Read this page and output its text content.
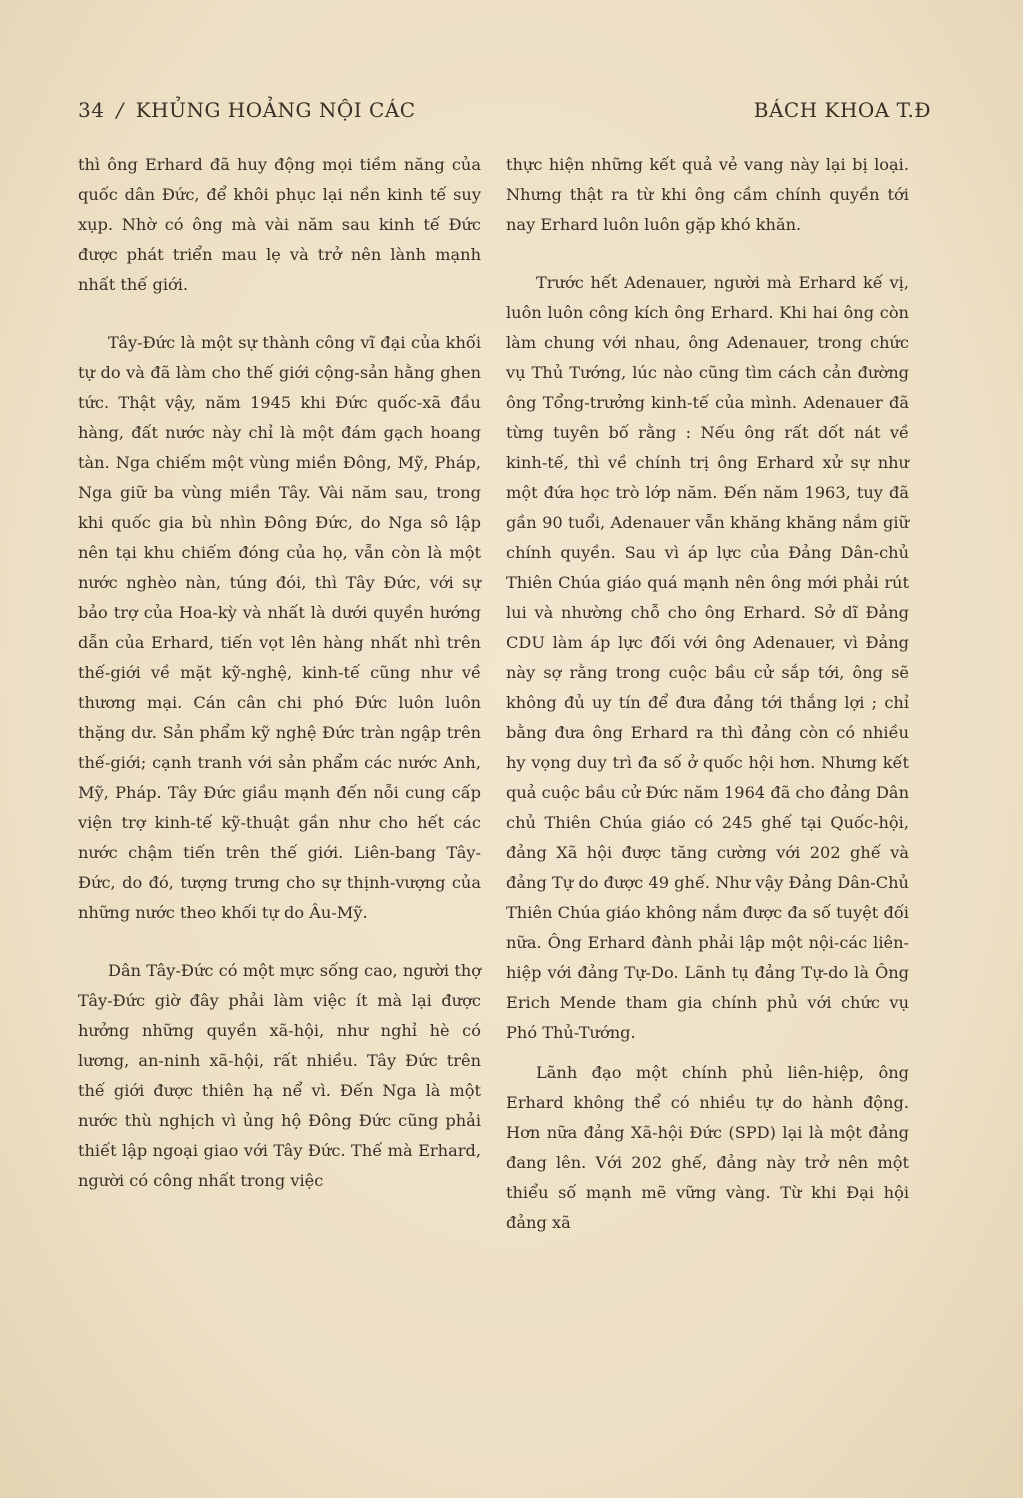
34 / KHỦNG HOẢNG NỘI CÁC	BÁCH KHOA T.Đ

thì ông Erhard đã huy động mọi tiềm năng của quốc dân Đức, để khôi phục lại nền kinh tế suy xụp. Nhờ có ông mà vài năm sau kinh tế Đức được phát triển mau lẹ và trở nên lành mạnh nhất thế giới.

Tây-Đức là một sự thành công vĩ đại của khối tự do và đã làm cho thế giới cộng-sản hằng ghen tức. Thật vậy, năm 1945 khi Đức quốc-xã đầu hàng, đất nước này chỉ là một đám gạch hoang tàn. Nga chiếm một vùng miền Đông, Mỹ, Pháp, Nga giữ ba vùng miền Tây. Vài năm sau, trong khi quốc gia bù nhìn Đông Đức, do Nga sô lập nên tại khu chiếm đóng của họ, vẫn còn là một nước nghèo nàn, túng đói, thì Tây Đức, với sự bảo trợ của Hoa-kỳ và nhất là dưới quyền hướng dẫn của Erhard, tiến vọt lên hàng nhất nhì trên thế-giới về mặt kỹ-nghệ, kinh-tế cũng như về thương mại. Cán cân chi phó Đức luôn luôn thặng dư. Sản phẩm kỹ nghệ Đức tràn ngập trên thế-giới; cạnh tranh với sản phẩm các nước Anh, Mỹ, Pháp. Tây Đức giầu mạnh đến nỗi cung cấp viện trợ kinh-tế kỹ-thuật gần như cho hết các nước chậm tiến trên thế giới. Liên-bang Tây-Đức, do đó, tượng trưng cho sự thịnh-vượng của những nước theo khối tự do Âu-Mỹ.

Dân Tây-Đức có một mực sống cao, người thợ Tây-Đức giờ đây phải làm việc ít mà lại được hưởng những quyền xã-hội, như nghỉ hè có lương, an-ninh xã-hội, rất nhiều. Tây Đức trên thế giới được thiên hạ nể vì. Đến Nga là một nước thù nghịch vì ủng hộ Đông Đức cũng phải thiết lập ngoại giao với Tây Đức. Thế mà Erhard, người có công nhất trong việc

thực hiện những kết quả vẻ vang này lại bị loại. Nhưng thật ra từ khi ông cầm chính quyền tới nay Erhard luôn luôn gặp khó khăn.

Trước hết Adenauer, người mà Erhard kế vị, luôn luôn công kích ông Erhard. Khi hai ông còn làm chung với nhau, ông Adenauer, trong chức vụ Thủ Tướng, lúc nào cũng tìm cách cản đường ông Tổng-trưởng kinh-tế của mình. Adenauer đã từng tuyên bố rằng : Nếu ông rất dốt nát về kinh-tế, thì về chính trị ông Erhard xử sự như một đứa học trò lớp năm. Đến năm 1963, tuy đã gần 90 tuổi, Adenauer vẫn khăng khăng nắm giữ chính quyền. Sau vì áp lực của Đảng Dân-chủ Thiên Chúa giáo quá mạnh nên ông mới phải rút lui và nhường chỗ cho ông Erhard. Sở dĩ Đảng CDU làm áp lực đối với ông Adenauer, vì Đảng này sợ rằng trong cuộc bầu cử sắp tới, ông sẽ không đủ uy tín để đưa đảng tới thắng lợi ; chỉ bằng đưa ông Erhard ra thì đảng còn có nhiều hy vọng duy trì đa số ở quốc hội hơn. Nhưng kết quả cuộc bầu cử Đức năm 1964 đã cho đảng Dân chủ Thiên Chúa giáo có 245 ghế tại Quốc-hội, đảng Xã hội được tăng cường với 202 ghế và đảng Tự do được 49 ghế. Như vậy Đảng Dân-Chủ Thiên Chúa giáo không nắm được đa số tuyệt đối nữa. Ông Erhard đành phải lập một nội-các liên-hiệp với đảng Tự-Do. Lãnh tụ đảng Tự-do là Ông Erich Mende tham gia chính phủ với chức vụ Phó Thủ-Tướng.

Lãnh đạo một chính phủ liên-hiệp, ông Erhard không thể có nhiều tự do hành động. Hơn nữa đảng Xã-hội Đức (SPD) lại là một đảng đang lên. Với 202 ghế, đảng này trở nên một thiểu số mạnh mẽ vững vàng. Từ khi Đại hội đảng xã
